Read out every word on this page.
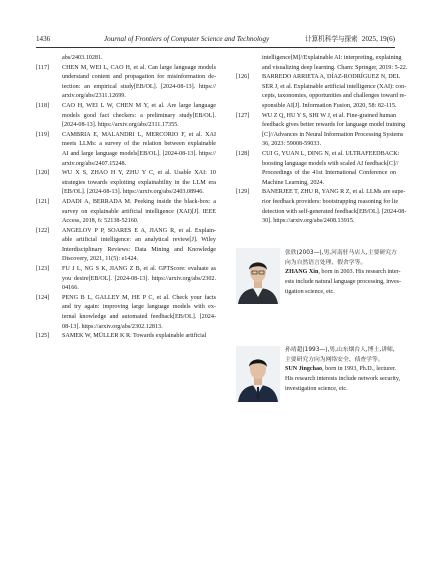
1436	Journal of Frontiers of Computer Science and Technology	计算机科学与探索 2025, 19(6)
abs/2403.10281.
[117] CHEN M, WEI L, CAO H, et al. Can large language models
understand content and propagation for misinformation de-
tection: an empirical study[EB/OL]. [2024-08-13]. https://
arxiv.org/abs/2311.12699.
[118] CAO H, WEI L W, CHEN M Y, et al. Are large language
models good fact checkers: a preliminary study[EB/OL].
[2024-08-13]. https://arxiv.org/abs/2311.17355.
[119] CAMBRIA E, MALANDRI L, MERCORIO F, et al. XAI
meets LLMs: a survey of the relation between explainable
AI and large language models[EB/OL]. [2024-08-13]. https://
arxiv.org/abs/2407.15248.
[120] WU X S, ZHAO H Y, ZHU Y C, et al. Usable XAI: 10
strategies towards exploiting explainability in the LLM era
[EB/OL]. [2024-08-13]. https://arxiv.org/abs/2403.08946.
[121] ADADI A, BERRADA M. Peeking inside the black-box: a
survey on explainable artificial intelligence (XAI)[J]. IEEE
Access, 2018, 6: 52138-52160.
[122] ANGELOV P P, SOARES E A, JIANG R, et al. Explain-
able artificial intelligence: an analytical review[J]. Wiley
Interdisciplinary Reviews: Data Mining and Knowledge
Discovery, 2021, 11(5): e1424.
[123] FU J L, NG S K, JIANG Z B, et al. GPTScore: evaluate as
you desire[EB/OL]. [2024-08-13]. https://arxiv.org/abs/2302.
04166.
[124] PENG B L, GALLEY M, HE P C, et al. Check your facts
and try again: improving large language models with ex-
ternal knowledge and automated feedback[EB/OL]. [2024-
08-13]. https://arxiv.org/abs/2302.12813.
[125] SAMEK W, MÜLLER K R. Towards explainable artificial
intelligence[M]//Explainable AI: interpreting, explaining
and visualizing deep learning. Cham: Springer, 2019: 5-22.
[126] BARREDO ARRIETA A, DÍAZ-RODRÍGUEZ N, DEL
SER J, et al. Explainable artificial intelligence (XAI): con-
cepts, taxonomies, opportunities and challenges toward re-
sponsible AI[J]. Information Fusion, 2020, 58: 82-115.
[127] WU Z Q, HU Y S, SHI W J, et al. Fine-grained human
feedback gives better rewards for language model training
[C]//Advances in Neural Information Processing Systems
36, 2023: 59008-59033.
[128] CUI G, YUAN L, DING N, et al. ULTRAFEEDBACK:
boosting language models with scaled AI feedback[C]//
Proceedings of the 41st International Conference on
Machine Learning, 2024.
[129] BANERJEE T, ZHU R, YANG R Z, et al. LLMs are supe-
rior feedback providers: bootstrapping reasoning for lie
detection with self-generated feedback[EB/OL]. [2024-08-
30]. https://arxiv.org/abs/2408.13915.
张欣(2003—),男,河南驻马店人,主要研究方
向为自然语言处理、假舍学等。
ZHANG Xin, born in 2003. His research inter-
ests include natural language processing, inves-
tigation science, etc.
孙靖超(1993—),男,山东烟台人,博士,讲师,
主要研究方向为网络安全、侦查学等。
SUN Jingchao, born in 1993, Ph.D., lecturer.
His research interests include network security,
investigation science, etc.
